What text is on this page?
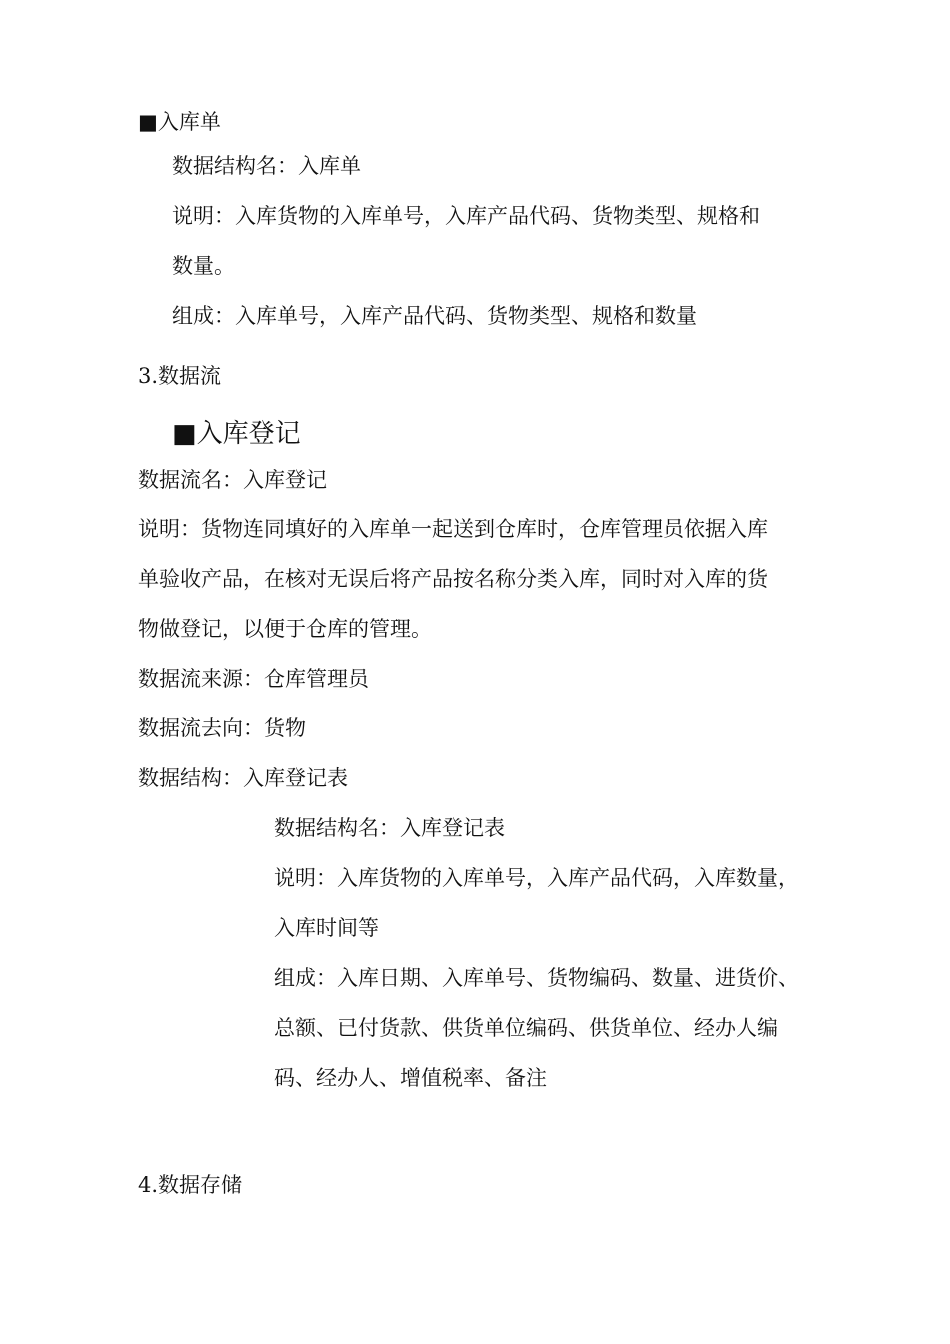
■入库单
数据结构名：入库单
说明：入库货物的入库单号，入库产品代码、货物类型、规格和
数量。
组成：入库单号，入库产品代码、货物类型、规格和数量
3.数据流
■入库登记
数据流名：入库登记
说明：货物连同填好的入库单一起送到仓库时，仓库管理员依据入库
单验收产品，在核对无误后将产品按名称分类入库，同时对入库的货
物做登记，以便于仓库的管理。
数据流来源：仓库管理员
数据流去向：货物
数据结构：入库登记表
数据结构名：入库登记表
说明：入库货物的入库单号，入库产品代码，入库数量，
入库时间等
组成：入库日期、入库单号、货物编码、数量、进货价、
总额、已付货款、供货单位编码、供货单位、经办人编
码、经办人、增值税率、备注
4.数据存储
